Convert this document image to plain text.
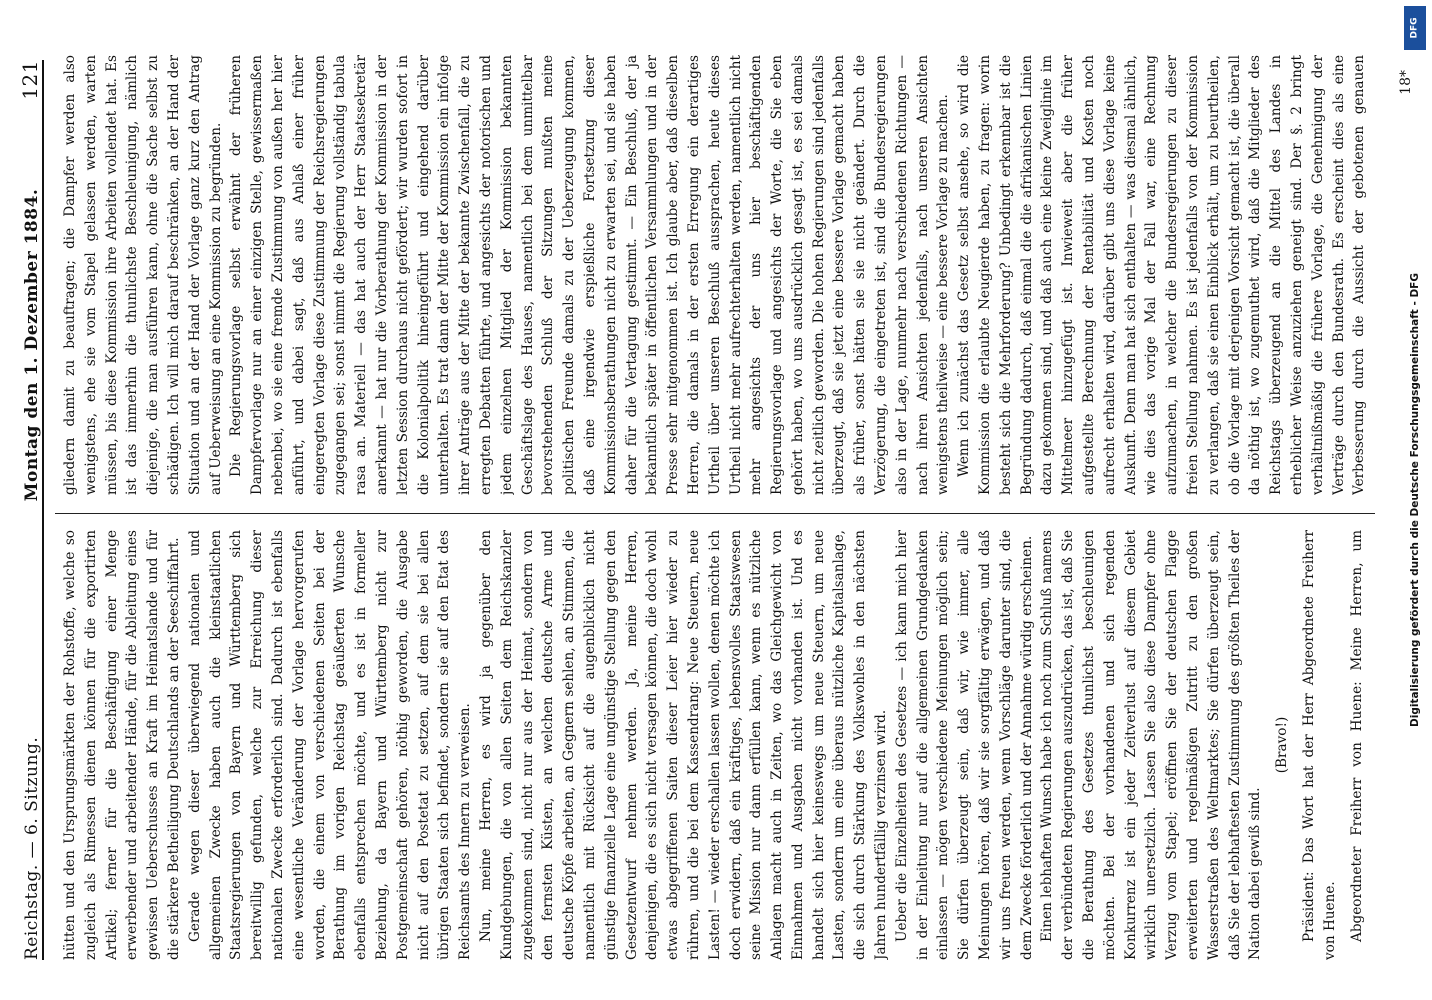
Reichstag. — 6. Sitzung.
Montag den 1. Dezember 1884.
121

hütten und den Ursprungsmärkten der Rohstoffe, welche so zugleich als Rimessen dienen können für die exportirten Artikel; ferner für die Beschäftigung einer Menge erwerbender und arbeitender Hände, für die Ableitung eines gewissen Ueberschusses an Kraft im Heimatslande und für die stärkere Betheiligung Deutschlands an der Seeschiffahrt. Gerade wegen dieser überwiegend nationalen und allgemeinen Zwecke haben auch die kleinstaatlichen Staatsregierungen von Bayern und Württemberg sich bereitwillig gefunden, welche zur Erreichung dieser nationalen Zwecke erforderlich sind. Dadurch ist ebenfalls eine wesentliche Veränderung der Vorlage hervorgerufen worden, die einem von verschiedenen Seiten bei der Berathung im vorigen Reichstag geäußerten Wunsche ebenfalls entsprechen möchte, und es ist in formeller Beziehung, da Bayern und Württemberg nicht zur Postgemeinschaft gehören, nöthig geworden, die Ausgabe nicht auf den Postetat zu setzen, auf dem sie bei allen übrigen Staaten sich befindet, sondern sie auf den Etat des Reichsamts des Innern zu verweisen. Nun, meine Herren, es wird ja gegenüber den Kundgebungen, die von allen Seiten dem Reichskanzler zugekommen sind, nicht nur aus der Heimat, sondern von den fernsten Küsten, an welchen deutsche Arme und deutsche Köpfe arbeiten, an Gegnern sehlen, an Stimmen, die namentlich mit Rücksicht auf die augenblicklich nicht günstige finanzielle Lage eine ungünstige Stellung gegen den Gesetzentwurf nehmen werden. Ja, meine Herren, denjenigen, die es sich nicht versagen können, die doch wohl etwas abgegriffenen Saiten dieser Leier hier wieder zu rühren, und die bei dem Kassendrang: Neue Steuern, neue Lasten! — wieder erschallen lassen wollen, denen möchte ich doch erwidern, daß ein kräftiges, lebensvolles Staatswesen seine Mission nur dann erfüllen kann, wenn es nützliche Anlagen macht auch in Zeiten, wo das Gleichgewicht von Einnahmen und Ausgaben nicht vorhanden ist. Und es handelt sich hier keineswegs um neue Steuern, um neue Lasten, sondern um eine überaus nützliche Kapitalsanlage, die sich durch Stärkung des Volkswohles in den nächsten Jahren hundertfällig verzinsen wird. Ueber die Einzelheiten des Gesetzes — ich kann mich hier in der Einleitung nur auf die allgemeinen Grundgedanken einlassen — mögen verschiedene Meinungen möglich sein; Sie dürfen überzeugt sein, daß wir, wie immer, alle Meinungen hören, daß wir sie sorgfältig erwägen, und daß wir uns freuen werden, wenn Vorschläge darunter sind, die dem Zwecke förderlich und der Annahme würdig erscheinen. Einen lebhaften Wunsch habe ich noch zum Schluß namens der verbündeten Regierungen auszudrücken, das ist, daß Sie die Berathung des Gesetzes thunlichst beschleunigen möchten. Bei der vorhandenen und sich regenden Konkurrenz ist ein jeder Zeitverlust auf diesem Gebiet wirklich unersetzlich. Lassen Sie also diese Dampfer ohne Verzug vom Stapel; eröffnen Sie der deutschen Flagge erweiterten und regelmäßigen Zutritt zu den großen Wasserstraßen des Weltmarktes; Sie dürfen überzeugt sein, daß Sie der lebhaftesten Zustimmung des größten Theiles der Nation dabei gewiß sind.

(Bravo!) Präsident: Das Wort hat der Herr Abgeordnete Freiherr von Huene. Abgeordneter Freiherr von Huene: Meine Herren, um

gliedern damit zu beauftragen; die Dampfer werden also wenigstens, ehe sie vom Stapel gelassen werden, warten müssen, bis diese Kommission ihre Arbeiten vollendet hat. Es ist das immerhin die thunlichste Beschleunigung, nämlich diejenige, die man ausführen kann, ohne die Sache selbst zu schädigen. Ich will mich darauf beschränken, an der Hand der Situation und an der Hand der Vorlage ganz kurz den Antrag auf Ueberweisung an eine Kommission zu begründen. Die Regierungsvorlage selbst erwähnt der früheren Dampfervorlage nur an einer einzigen Stelle, gewissermaßen nebenbei, wo sie eine fremde Zustimmung von außen her hier anführt, und dabei sagt, daß aus Anlaß einer früher eingeregten Vorlage diese Zustimmung der Reichsregierungen zugegangen sei; sonst nimmt die Regierung vollständig tabula rasa an. Materiell — das hat auch der Herr Staatssekretär anerkannt — hat nur die Vorberathung der Kommission in der letzten Session durchaus nicht gefördert; wir wurden sofort in die Kolonialpolitik hineingeführt und eingehend darüber unterhalten. Es trat dann der Mitte der Kommission ein infolge ihrer Anträge aus der Mitte der bekannte Zwischenfall, die zu erregten Debatten führte, und angesichts der notorischen und jedem einzelnen Mitglied der Kommission bekannten Geschäftslage des Hauses, namentlich bei dem unmittelbar bevorstehenden Schluß der Sitzungen mußten meine politischen Freunde damals zu der Ueberzeugung kommen, daß eine irgendwie erspießliche Fortsetzung dieser Kommissionsberathungen nicht zu erwarten sei, und sie haben daher für die Vertagung gestimmt. — Ein Beschluß, der ja bekanntlich später in öffentlichen Versammlungen und in der Presse sehr mitgenommen ist. Ich glaube aber, daß dieselben Herren, die damals in der ersten Erregung ein derartiges Urtheil über unseren Beschluß aussprachen, heute dieses Urtheil nicht mehr aufrechterhalten werden, namentlich nicht mehr angesichts der uns hier beschäftigenden Regierungsvorlage und angesichts der Worte, die Sie eben gehört haben, wo uns ausdrücklich gesagt ist, es sei damals nicht zeitlich geworden. Die hohen Regierungen sind jedenfalls überzeugt, daß sie jetzt eine bessere Vorlage gemacht haben als früher, sonst hätten sie sie nicht geändert. Durch die Verzögerung, die eingetreten ist, sind die Bundesregierungen also in der Lage, nunmehr nach verschiedenen Richtungen — nach ihren Ansichten jedenfalls, nach unseren Ansichten wenigstens theilweise — eine bessere Vorlage zu machen. Wenn ich zunächst das Gesetz selbst ansehe, so wird die Kommission die erlaubte Neugierde haben, zu fragen: worin besteht sich die Mehrforderung? Unbedingt erkennbar ist die Begründung dadurch, daß einmal die die afrikanischen Linien dazu gekommen sind, und daß auch eine kleine Zweiglinie im Mittelmeer hinzugefügt ist. Inwieweit aber die früher aufgestellte Berechnung der Rentabilität und Kosten noch aufrecht erhalten wird, darüber gibt uns diese Vorlage keine Auskunft. Denn man hat sich enthalten — was diesmal ähnlich, wie dies das vorige Mal der Fall war, eine Rechnung aufzumachen, in welcher die Bundesregierungen zu dieser freien Stellung nahmen. Es ist jedenfalls von der Kommission zu verlangen, daß sie einen Einblick erhält, um zu beurtheilen, ob die Vorlage mit derjenigen Vorsicht gemacht ist, die überall da nöthig ist, wo zugemuthet wird, daß die Mitglieder des Reichstags überzeugend an die Mittel des Landes in erheblicher Weise anzuziehen geneigt sind. Der §. 2 bringt verhältnißmäßig die frühere Vorlage, die Genehmigung der Verträge durch den Bundesrath. Es erscheint dies als eine Verbesserung durch die Aussicht der gebotenen genauen	18*
DFG
Digitalisierung gefördert durch die Deutsche Forschungsgemeinschaft - DFG
